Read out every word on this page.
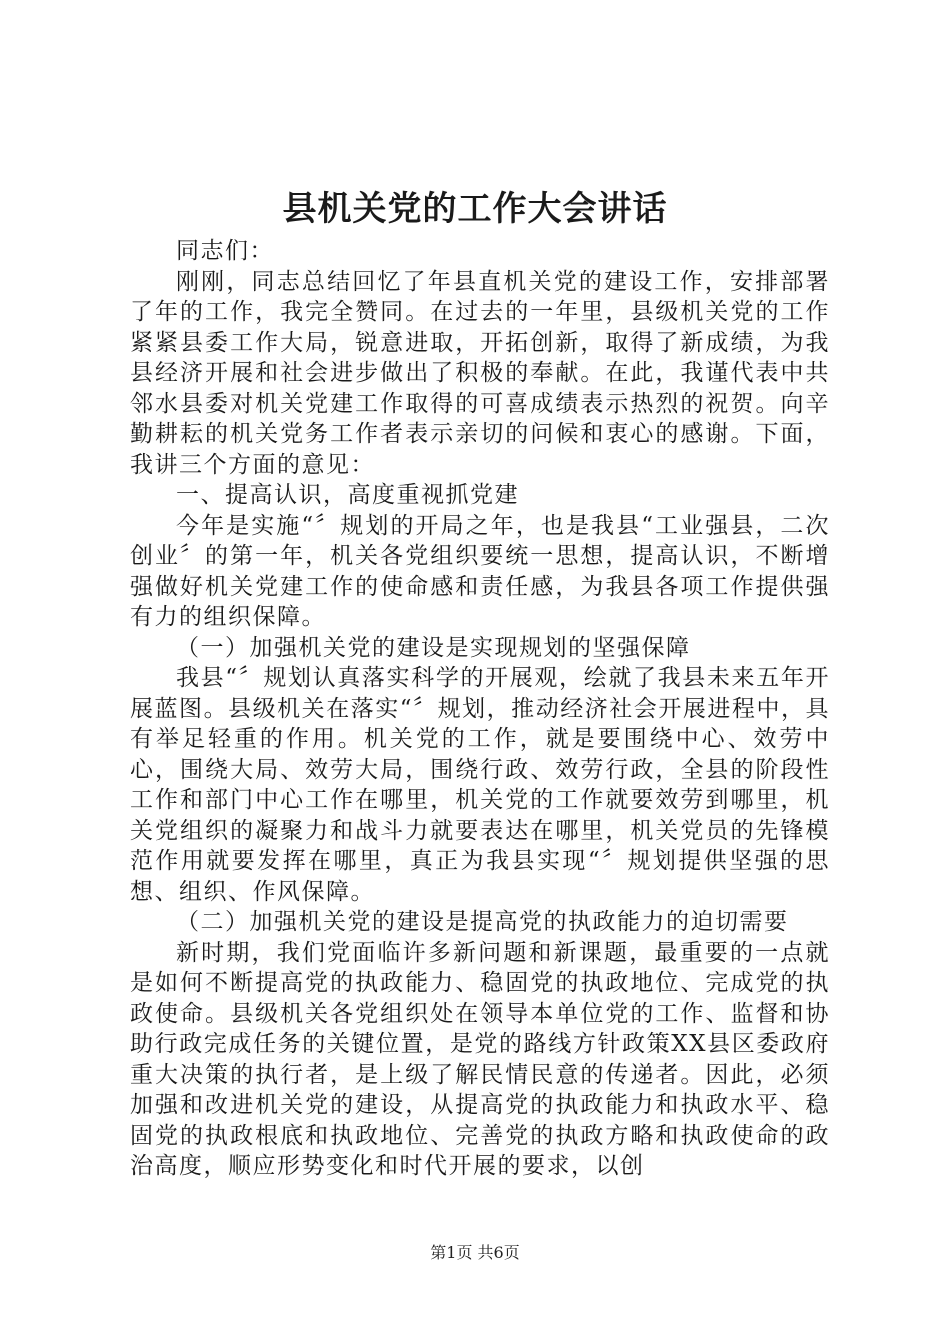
县机关党的工作大会讲话

同志们：

刚刚，同志总结回忆了年县直机关党的建设工作，安排部署了年的工作，我完全赞同。在过去的一年里，县级机关党的工作紧紧县委工作大局，锐意进取，开拓创新，取得了新成绩，为我县经济开展和社会进步做出了积极的奉献。在此，我谨代表中共邻水县委对机关党建工作取得的可喜成绩表示热烈的祝贺。向辛勤耕耘的机关党务工作者表示亲切的问候和衷心的感谢。下面，我讲三个方面的意见：

一、提高认识，高度重视抓党建

今年是实施“〞规划的开局之年，也是我县“工业强县，二次创业〞的第一年，机关各党组织要统一思想，提高认识，不断增强做好机关党建工作的使命感和责任感，为我县各项工作提供强有力的组织保障。

（一）加强机关党的建设是实现规划的坚强保障

我县“〞规划认真落实科学的开展观，绘就了我县未来五年开展蓝图。县级机关在落实“〞规划，推动经济社会开展进程中，具有举足轻重的作用。机关党的工作，就是要围绕中心、效劳中心，围绕大局、效劳大局，围绕行政、效劳行政，全县的阶段性工作和部门中心工作在哪里，机关党的工作就要效劳到哪里，机关党组织的凝聚力和战斗力就要表达在哪里，机关党员的先锋模范作用就要发挥在哪里，真正为我县实现“〞规划提供坚强的思想、组织、作风保障。

（二）加强机关党的建设是提高党的执政能力的迫切需要

新时期，我们党面临许多新问题和新课题，最重要的一点就是如何不断提高党的执政能力、稳固党的执政地位、完成党的执政使命。县级机关各党组织处在领导本单位党的工作、监督和协助行政完成任务的关键位置，是党的路线方针政策XX县区委政府重大决策的执行者，是上级了解民情民意的传递者。因此，必须加强和改进机关党的建设，从提高党的执政能力和执政水平、稳固党的执政根底和执政地位、完善党的执政方略和执政使命的政治高度，顺应形势变化和时代开展的要求，以创

第1页 共6页
